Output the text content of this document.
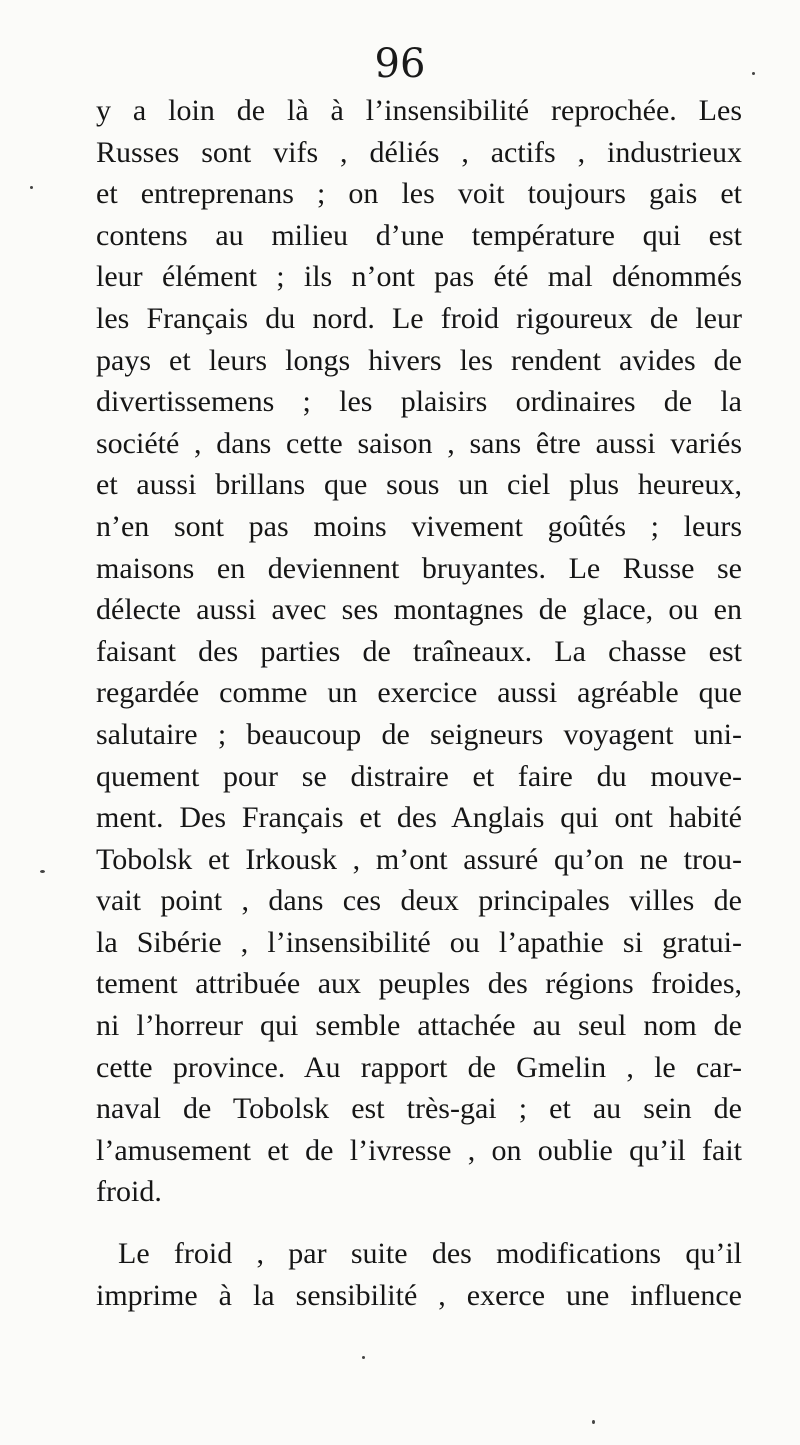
96
y a loin de là à l’insensibilité reprochée. Les
Russes sont vifs , déliés , actifs , industrieux
et entreprenans ; on les voit toujours gais et
contens au milieu d’une température qui est
leur élément ; ils n’ont pas été mal dénommés
les Français du nord. Le froid rigoureux de leur
pays et leurs longs hivers les rendent avides de
divertissemens ; les plaisirs ordinaires de la
société , dans cette saison , sans être aussi variés
et aussi brillans que sous un ciel plus heureux,
n’en sont pas moins vivement goûtés ; leurs
maisons en deviennent bruyantes. Le Russe se
délecte aussi avec ses montagnes de glace, ou en
faisant des parties de traîneaux. La chasse est
regardée comme un exercice aussi agréable que
salutaire ; beaucoup de seigneurs voyagent uni-
quement pour se distraire et faire du mouve-
ment. Des Français et des Anglais qui ont habité
Tobolsk et Irkousk , m’ont assuré qu’on ne trou-
vait point , dans ces deux principales villes de
la Sibérie , l’insensibilité ou l’apathie si gratui-
tement attribuée aux peuples des régions froides,
ni l’horreur qui semble attachée au seul nom de
cette province. Au rapport de Gmelin , le car-
naval de Tobolsk est très-gai ; et au sein de
l’amusement et de l’ivresse , on oublie qu’il fait
froid.
Le froid , par suite des modifications qu’il
imprime à la sensibilité , exerce une influence
